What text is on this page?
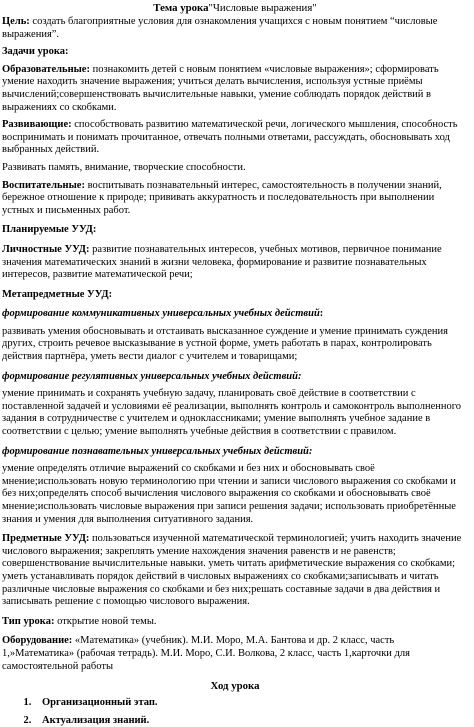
Тема урока"Числовые выражения"

Цель: создать благоприятные условия для ознакомления учащихся с новым понятием “числовые выражения”.

Задачи урока:

Образовательные: познакомить детей с новым понятием «числовые выражения»; сформировать умение находить значение выражения; учиться делать вычисления, используя устные приёмы вычислений;совершенствовать вычислительные навыки, умение соблюдать порядок действий в выражениях со скобками.

Развивающие: способствовать развитию математической речи, логического мышления, способность воспринимать и понимать прочитанное, отвечать полными ответами, рассуждать, обосновывать ход выбранных действий.

Развивать память, внимание, творческие способности.

Воспитательные: воспитывать познавательный интерес, самостоятельность в получении знаний, бережное отношение к природе; прививать аккуратность и последовательность при выполнении устных и письменных работ.

Планируемые УУД:

Личностные УУД: развитие познавательных интересов, учебных мотивов, первичное понимание значения математических знаний в жизни человека, формирование и развитие познавательных интересов, развитие математической речи;

Метапредметные УУД:

формирование коммуникативных универсальных учебных действий:

развивать умения обосновывать и отстаивать высказанное суждение и умение принимать суждения других, строить речевое высказывание в устной форме, уметь работать в парах, контролировать действия партнёра, уметь вести диалог с учителем и товарищами;

формирование регулятивных универсальных учебных действий:

умение принимать и сохранять учебную задачу, планировать своё действие в соответствии с поставленной задачей и условиями её реализации, выполнять контроль и самоконтроль выполненного задания в сотрудничестве с учителем и одноклассниками; умение выполнять учебное задание в соответствии с целью; умение выполнять учебные действия в соответствии с правилом.

формирование познавательных универсальных учебных действий:

умение определять отличие выражений со скобками и без них и обосновывать своё мнение;использовать новую терминологию при чтении и записи числового выражения со скобками и без них;определять способ вычисления числового выражения со скобками и обосновывать своё мнение;использовать числовые выражения при записи решения задачи; использовать приобретённые знания и умения для выполнения ситуативного задания.

Предметные УУД: пользоваться изученной математической терминологией; учить находить значение числового выражения; закреплять умение нахождения значения равенств и не равенств; совершенствование вычислительные навыки. уметь читать арифметические выражения со скобками; уметь устанавливать порядок действий в числовых выражениях со скобками;записывать и читать различные числовые выражения со скобками и без них;решать составные задачи в два действия и записывать решение с помощью числового выражения.

Тип урока: открытие новой темы.

Оборудование: «Математика» (учебник). М.И. Моро, М.А. Бантова и др. 2 класс, часть 1,»Математика» (рабочая тетрадь). М.И. Моро, С.И. Волкова, 2 класс, часть 1,карточки для самостоятельной работы

Ход урока
1. Организационный этап.
2. Актуализация знаний.
